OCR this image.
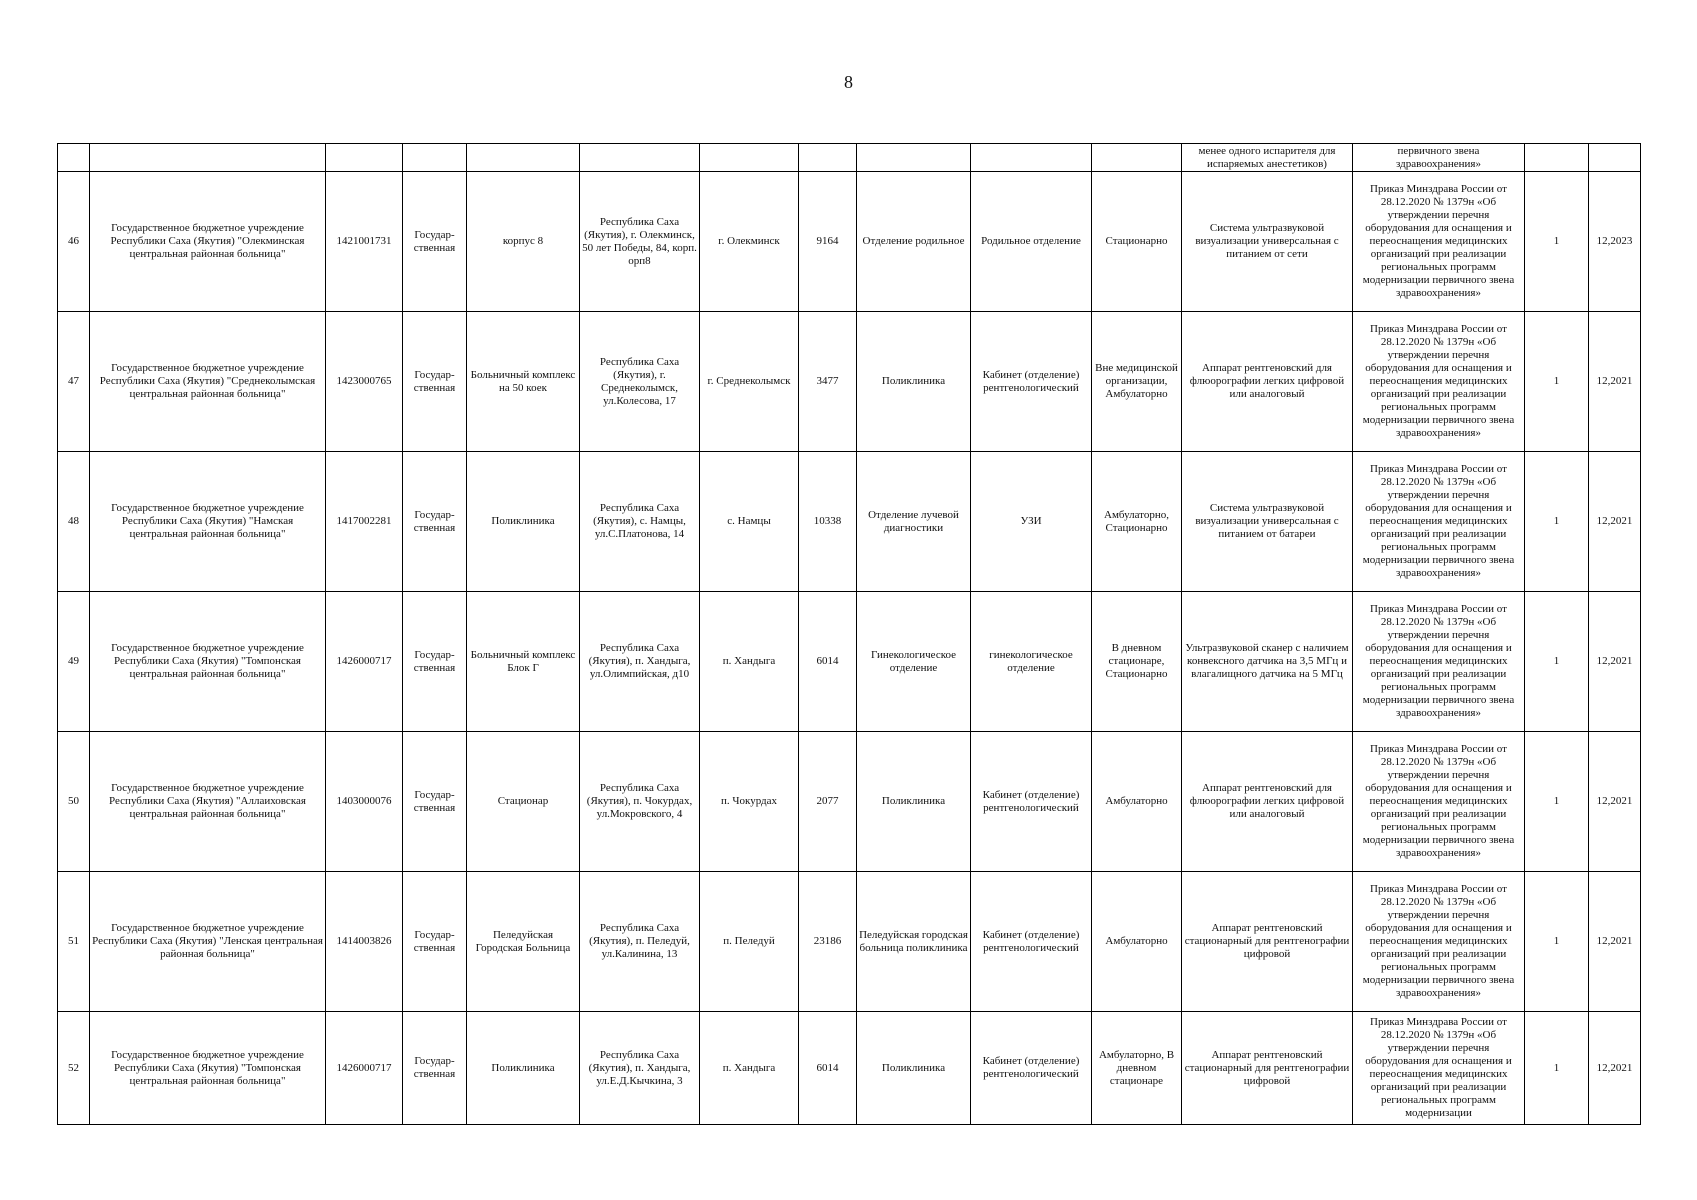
8
											менее одного испарителя для испаряемых анестетиков)	первичного звена здравоохранения»		
46	Государственное бюджетное учреждение Республики Саха (Якутия) "Олекминская центральная районная больница"	1421001731	Государ-ственная	корпус 8	Республика Саха (Якутия), г. Олекминск, 50 лет Победы, 84, корп. орп8	г. Олекминск	9164	Отделение родильное	Родильное отделение	Стационарно	Система ультразвуковой визуализации универсальная с питанием от сети	Приказ Минздрава России от 28.12.2020 № 1379н «Об утверждении перечня оборудования для оснащения и переоснащения медицинских организаций при реализации региональных программ модернизации первичного звена здравоохранения»	1	12,2023
47	Государственное бюджетное учреждение Республики Саха (Якутия) "Среднеколымская центральная районная больница"	1423000765	Государ-ственная	Больничный комплекс на 50 коек	Республика Саха (Якутия), г. Среднеколымск, ул.Колесова, 17	г. Среднеколымск	3477	Поликлиника	Кабинет (отделение) рентгенологический	Вне медицинской организации, Амбулаторно	Аппарат рентгеновский для флюорографии легких цифровой или аналоговый	Приказ Минздрава России от 28.12.2020 № 1379н «Об утверждении перечня оборудования для оснащения и переоснащения медицинских организаций при реализации региональных программ модернизации первичного звена здравоохранения»	1	12,2021
48	Государственное бюджетное учреждение Республики Саха (Якутия) "Намская центральная районная больница"	1417002281	Государ-ственная	Поликлиника	Республика Саха (Якутия), с. Намцы, ул.С.Платонова, 14	с. Намцы	10338	Отделение лучевой диагностики	УЗИ	Амбулаторно, Стационарно	Система ультразвуковой визуализации универсальная с питанием от батареи	Приказ Минздрава России от 28.12.2020 № 1379н «Об утверждении перечня оборудования для оснащения и переоснащения медицинских организаций при реализации региональных программ модернизации первичного звена здравоохранения»	1	12,2021
49	Государственное бюджетное учреждение Республики Саха (Якутия) "Томпонская центральная районная больница"	1426000717	Государ-ственная	Больничный комплекс Блок Г	Республика Саха (Якутия), п. Хандыга, ул.Олимпийская, д10	п. Хандыга	6014	Гинекологическое отделение	гинекологическое отделение	В дневном стационаре, Стационарно	Ультразвуковой сканер с наличием конвексного датчика на 3,5 МГц и влагалищного датчика на 5 МГц	Приказ Минздрава России от 28.12.2020 № 1379н «Об утверждении перечня оборудования для оснащения и переоснащения медицинских организаций при реализации региональных программ модернизации первичного звена здравоохранения»	1	12,2021
50	Государственное бюджетное учреждение Республики Саха (Якутия) "Аллаиховская центральная районная больница"	1403000076	Государ-ственная	Стационар	Республика Саха (Якутия), п. Чокурдах, ул.Мокровского, 4	п. Чокурдах	2077	Поликлиника	Кабинет (отделение) рентгенологический	Амбулаторно	Аппарат рентгеновский для флюорографии легких цифровой или аналоговый	Приказ Минздрава России от 28.12.2020 № 1379н «Об утверждении перечня оборудования для оснащения и переоснащения медицинских организаций при реализации региональных программ модернизации первичного звена здравоохранения»	1	12,2021
51	Государственное бюджетное учреждение Республики Саха (Якутия) "Ленская центральная районная больница"	1414003826	Государ-ственная	Пеледуйская Городская Больница	Республика Саха (Якутия), п. Пеледуй, ул.Калинина, 13	п. Пеледуй	23186	Пеледуйская городская больница поликлиника	Кабинет (отделение) рентгенологический	Амбулаторно	Аппарат рентгеновский стационарный для рентгенографии цифровой	Приказ Минздрава России от 28.12.2020 № 1379н «Об утверждении перечня оборудования для оснащения и переоснащения медицинских организаций при реализации региональных программ модернизации первичного звена здравоохранения»	1	12,2021
52	Государственное бюджетное учреждение Республики Саха (Якутия) "Томпонская центральная районная больница"	1426000717	Государ-ственная	Поликлиника	Республика Саха (Якутия), п. Хандыга, ул.Е.Д.Кычкина, 3	п. Хандыга	6014	Поликлиника	Кабинет (отделение) рентгенологический	Амбулаторно, В дневном стационаре	Аппарат рентгеновский стационарный для рентгенографии цифровой	Приказ Минздрава России от 28.12.2020 № 1379н «Об утверждении перечня оборудования для оснащения и переоснащения медицинских организаций при реализации региональных программ модернизации	1	12,2021
